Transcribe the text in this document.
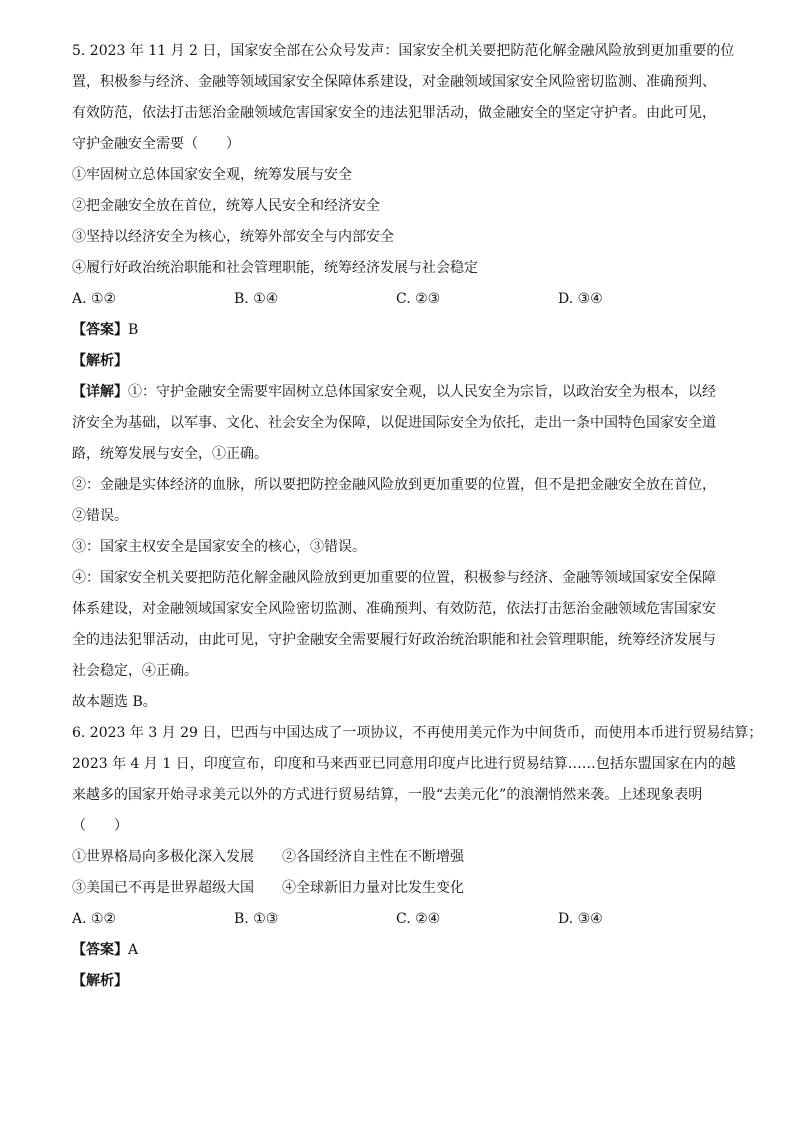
5. 2023 年 11 月 2 日，国家安全部在公众号发声：国家安全机关要把防范化解金融风险放到更加重要的位
置，积极参与经济、金融等领域国家安全保障体系建设，对金融领域国家安全风险密切监测、准确预判、
有效防范，依法打击惩治金融领域危害国家安全的违法犯罪活动，做金融安全的坚定守护者。由此可见，
守护金融安全需要（　　）
①牢固树立总体国家安全观，统筹发展与安全
②把金融安全放在首位，统筹人民安全和经济安全
③坚持以经济安全为核心，统筹外部安全与内部安全
④履行好政治统治职能和社会管理职能，统筹经济发展与社会稳定
A. ①②	B. ①④	C. ②③	D. ③④
【答案】B
【解析】
【详解】①：守护金融安全需要牢固树立总体国家安全观，以人民安全为宗旨，以政治安全为根本，以经
济安全为基础，以军事、文化、社会安全为保障，以促进国际安全为依托，走出一条中国特色国家安全道
路，统筹发展与安全，①正确。
②：金融是实体经济的血脉，所以要把防控金融风险放到更加重要的位置，但不是把金融安全放在首位，
②错误。
③：国家主权安全是国家安全的核心，③错误。
④：国家安全机关要把防范化解金融风险放到更加重要的位置，积极参与经济、金融等领域国家安全保障
体系建设，对金融领域国家安全风险密切监测、准确预判、有效防范，依法打击惩治金融领域危害国家安
全的违法犯罪活动，由此可见，守护金融安全需要履行好政治统治职能和社会管理职能，统筹经济发展与
社会稳定，④正确。
故本题选 B。
6. 2023 年 3 月 29 日，巴西与中国达成了一项协议，不再使用美元作为中间货币，而使用本币进行贸易结算；
2023 年 4 月 1 日，印度宣布，印度和马来西亚已同意用印度卢比进行贸易结算……包括东盟国家在内的越
来越多的国家开始寻求美元以外的方式进行贸易结算，一股“去美元化”的浪潮悄然来袭。上述现象表明
（　　）
①世界格局向多极化深入发展	②各国经济自主性在不断增强
③美国已不再是世界超级大国	④全球新旧力量对比发生变化
A. ①②	B. ①③	C. ②④	D. ③④
【答案】A
【解析】
